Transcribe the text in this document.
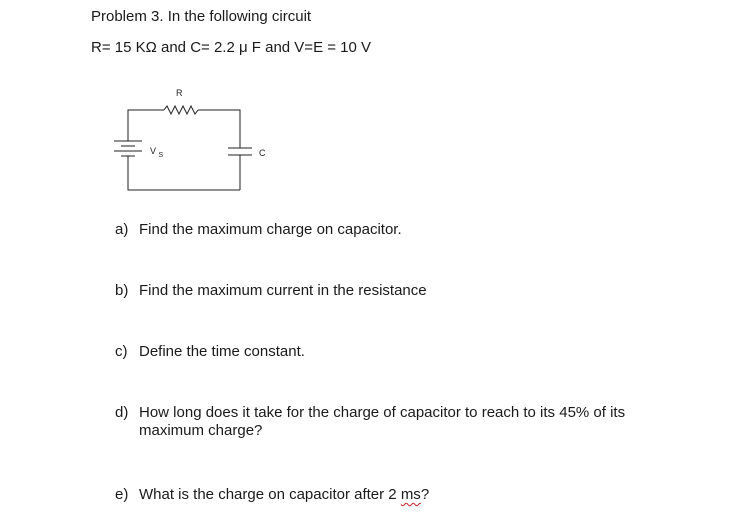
Problem 3. In the following circuit
R= 15 KΩ and C= 2.2 μ F and V=E = 10 V
R
V $_S$	C
a) Find the maximum charge on capacitor.
b) Find the maximum current in the resistance
c) Define the time constant.
d) How long does it take for the charge of capacitor to reach to its 45% of its maximum charge?
e) What is the charge on capacitor after 2 ms?
